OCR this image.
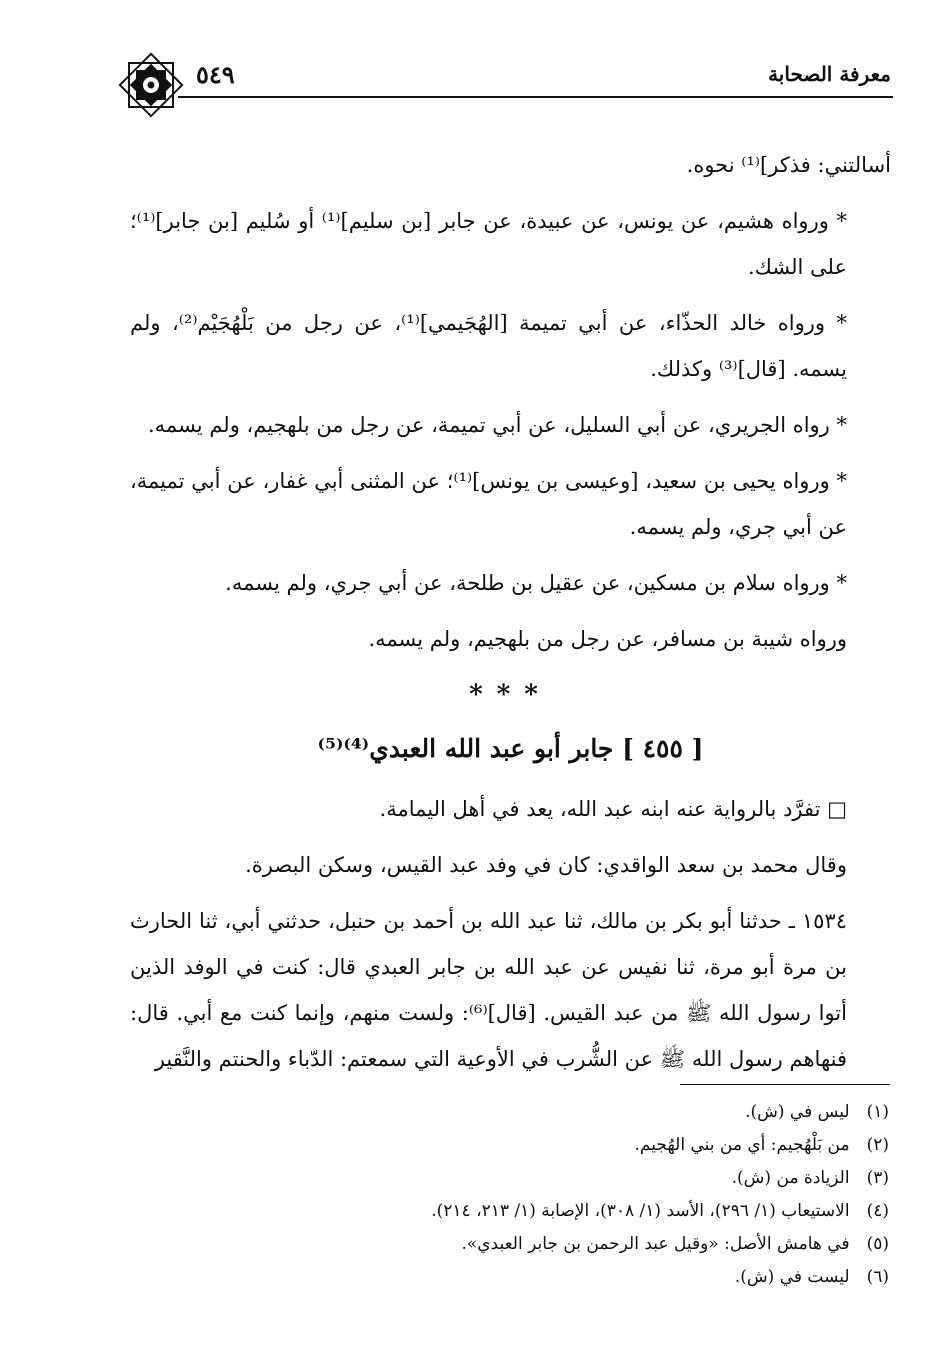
٥٤٩	معرفة الصحابة

أسالتني: فذكر]⁽¹⁾ نحوه.

* ورواه هشيم، عن يونس، عن عبيدة، عن جابر [بن سليم]⁽¹⁾ أو سُليم [بن جابر]⁽¹⁾؛ على الشك.

* ورواه خالد الحذّاء، عن أبي تميمة [الهُجَيمي]⁽¹⁾، عن رجل من بَلْهُجَيْم⁽²⁾، ولم يسمه. [قال]⁽³⁾ وكذلك.

* رواه الجريري، عن أبي السليل، عن أبي تميمة، عن رجل من بلهجيم، ولم يسمه.

* ورواه يحيى بن سعيد، [وعيسى بن يونس]⁽¹⁾؛ عن المثنى أبي غفار، عن أبي تميمة، عن أبي جري، ولم يسمه.

* ورواه سلام بن مسكين، عن عقيل بن طلحة، عن أبي جري، ولم يسمه.

ورواه شيبة بن مسافر، عن رجل من بلهجيم، ولم يسمه.

***
[ ٤٥٥ ] جابر أبو عبد الله العبدي⁽⁴⁾⁽⁵⁾

□ تفرَّد بالرواية عنه ابنه عبد الله، يعد في أهل اليمامة.

وقال محمد بن سعد الواقدي: كان في وفد عبد القيس، وسكن البصرة.

١٥٣٤ ـ حدثنا أبو بكر بن مالك، ثنا عبد الله بن أحمد بن حنبل، حدثني أبي، ثنا الحارث بن مرة أبو مرة، ثنا نفيس عن عبد الله بن جابر العبدي قال: كنت في الوفد الذين أتوا رسول الله ﷺ من عبد القيس. [قال]⁽⁶⁾: ولست منهم، وإنما كنت مع أبي. قال: فنهاهم رسول الله ﷺ عن الشُّرب في الأوعية التي سمعتم: الدّباء والحنتم والنَّقير

(١) ليس في (ش).
(٢) من بَلْهُجيم: أي من بني الهُجيم.
(٣) الزيادة من (ش).
(٤) الاستيعاب (١/ ٢٩٦)، الأسد (١/ ٣٠٨)، الإصابة (١/ ٢١٣، ٢١٤).
(٥) في هامش الأصل: «وقيل عبد الرحمن بن جابر العبدي».
(٦) ليست في (ش).
